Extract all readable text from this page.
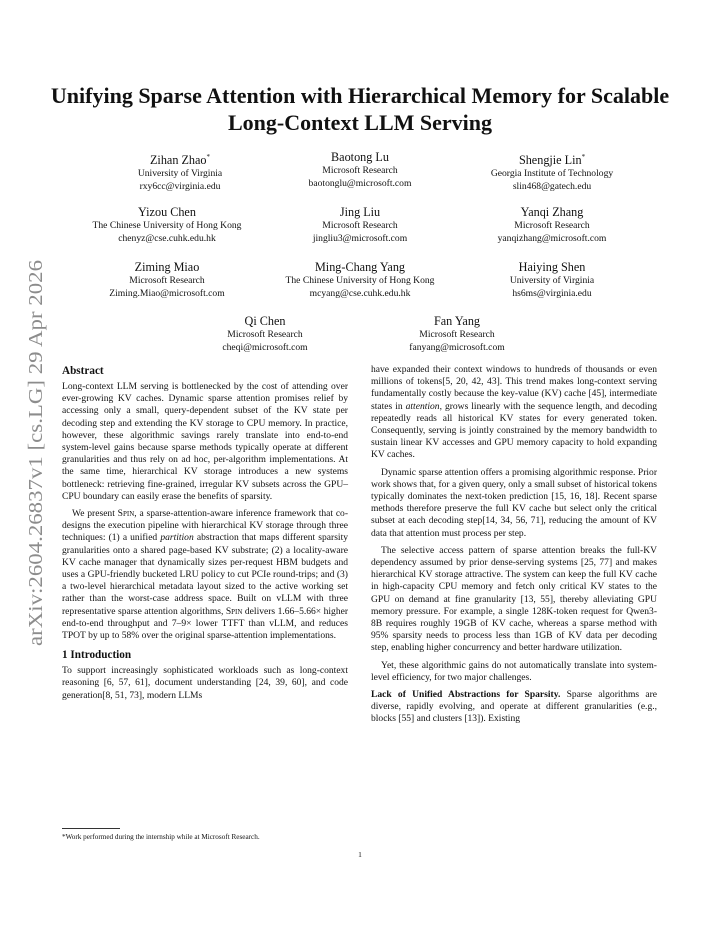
arXiv:2604.26837v1 [cs.LG] 29 Apr 2026
Unifying Sparse Attention with Hierarchical Memory for Scalable Long-Context LLM Serving
Zihan Zhao*
University of Virginia
rxy6cc@virginia.edu
Baotong Lu
Microsoft Research
baotonglu@microsoft.com
Shengjie Lin*
Georgia Institute of Technology
slin468@gatech.edu
Yizou Chen
The Chinese University of Hong Kong
chenyz@cse.cuhk.edu.hk
Jing Liu
Microsoft Research
jingliu3@microsoft.com
Yanqi Zhang
Microsoft Research
yanqizhang@microsoft.com
Ziming Miao
Microsoft Research
Ziming.Miao@microsoft.com
Ming-Chang Yang
The Chinese University of Hong Kong
mcyang@cse.cuhk.edu.hk
Haiying Shen
University of Virginia
hs6ms@virginia.edu
Qi Chen
Microsoft Research
cheqi@microsoft.com
Fan Yang
Microsoft Research
fanyang@microsoft.com
Abstract

Long-context LLM serving is bottlenecked by the cost of attending over ever-growing KV caches. Dynamic sparse attention promises relief by accessing only a small, query-dependent subset of the KV state per decoding step and extending the KV storage to CPU memory. In practice, however, these algorithmic savings rarely translate into end-to-end system-level gains because sparse methods typically operate at different granularities and thus rely on ad hoc, per-algorithm implementations. At the same time, hierarchical KV storage introduces a new systems bottleneck: retrieving fine-grained, irregular KV subsets across the GPU–CPU boundary can easily erase the benefits of sparsity.

We present Spin, a sparse-attention-aware inference framework that co-designs the execution pipeline with hierarchical KV storage through three techniques: (1) a unified partition abstraction that maps different sparsity granularities onto a shared page-based KV substrate; (2) a locality-aware KV cache manager that dynamically sizes per-request HBM budgets and uses a GPU-friendly bucketed LRU policy to cut PCIe round-trips; and (3) a two-level hierarchical metadata layout sized to the active working set rather than the worst-case address space. Built on vLLM with three representative sparse attention algorithms, Spin delivers 1.66–5.66× higher end-to-end throughput and 7–9× lower TTFT than vLLM, and reduces TPOT by up to 58% over the original sparse-attention implementations.

1 Introduction

To support increasingly sophisticated workloads such as long-context reasoning [6, 57, 61], document understanding [24, 39, 60], and code generation[8, 51, 73], modern LLMs

*Work performed during the internship while at Microsoft Research.

have expanded their context windows to hundreds of thousands or even millions of tokens[5, 20, 42, 43]. This trend makes long-context serving fundamentally costly because the key-value (KV) cache [45], intermediate states in attention, grows linearly with the sequence length, and decoding repeatedly reads all historical KV states for every generated token. Consequently, serving is jointly constrained by the memory bandwidth to sustain linear KV accesses and GPU memory capacity to hold expanding KV caches.

Dynamic sparse attention offers a promising algorithmic response. Prior work shows that, for a given query, only a small subset of historical tokens typically dominates the next-token prediction [15, 16, 18]. Recent sparse methods therefore preserve the full KV cache but select only the critical subset at each decoding step[14, 34, 56, 71], reducing the amount of KV data that attention must process per step.

The selective access pattern of sparse attention breaks the full-KV dependency assumed by prior dense-serving systems [25, 77] and makes hierarchical KV storage attractive. The system can keep the full KV cache in high-capacity CPU memory and fetch only critical KV states to the GPU on demand at fine granularity [13, 55], thereby alleviating GPU memory pressure. For example, a single 128K-token request for Qwen3-8B requires roughly 19GB of KV cache, whereas a sparse method with 95% sparsity needs to process less than 1GB of KV data per decoding step, enabling higher concurrency and better hardware utilization.

Yet, these algorithmic gains do not automatically translate into system-level efficiency, for two major challenges.

Lack of Unified Abstractions for Sparsity. Sparse algorithms are diverse, rapidly evolving, and operate at different granularities (e.g., blocks [55] and clusters [13]). Existing

1
